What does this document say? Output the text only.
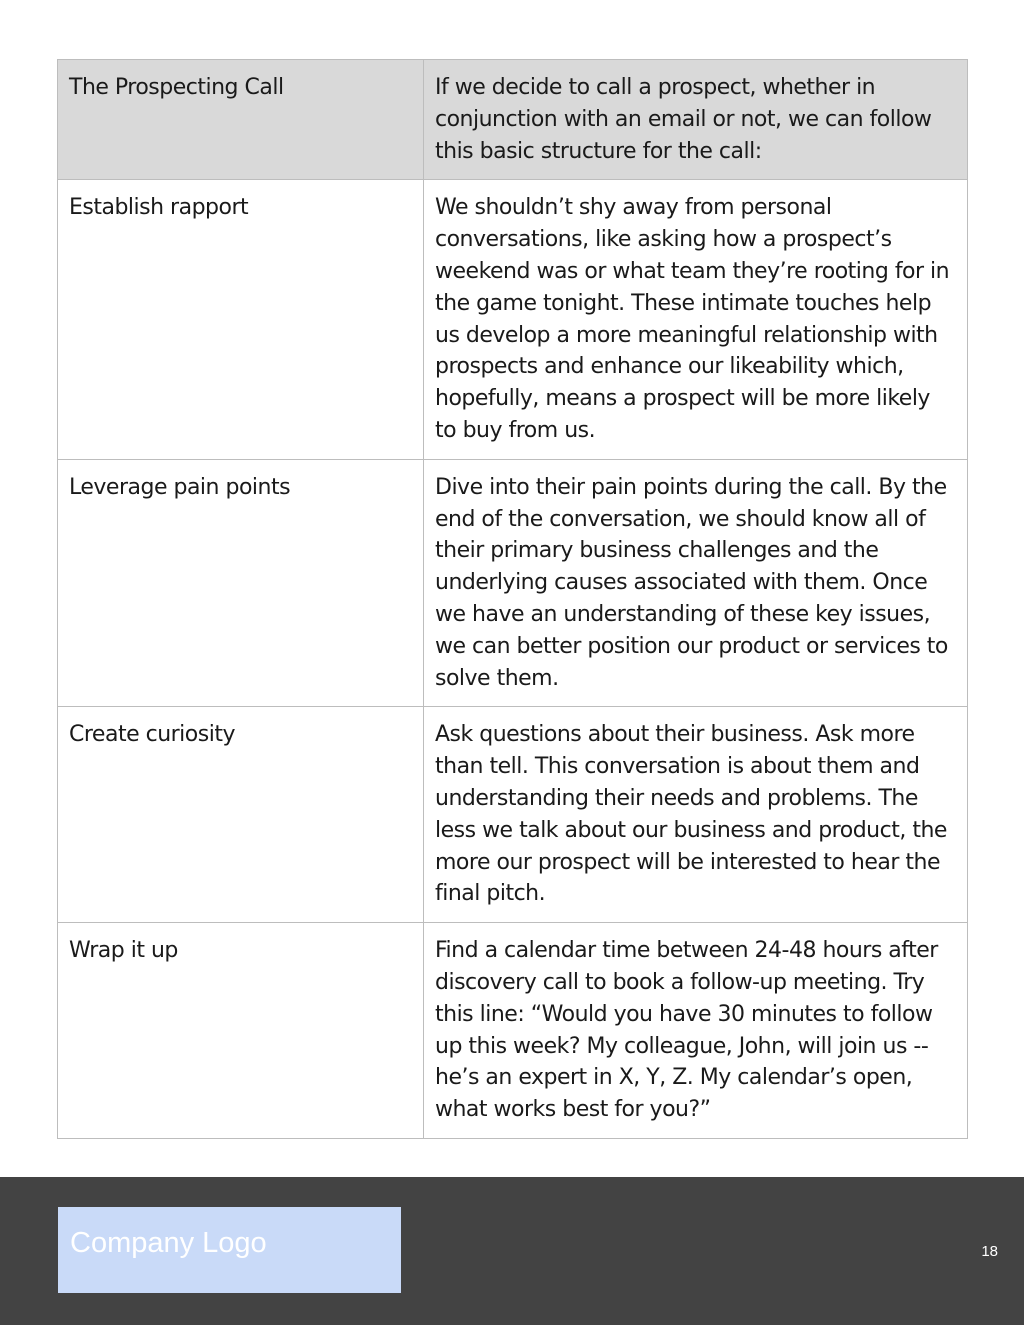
The Prospecting Call	If we decide to call a prospect, whether in conjunction with an email or not, we can follow this basic structure for the call:
Establish rapport	We shouldn’t shy away from personal conversations, like asking how a prospect’s weekend was or what team they’re rooting for in the game tonight. These intimate touches help us develop a more meaningful relationship with prospects and enhance our likeability which, hopefully, means a prospect will be more likely to buy from us.
Leverage pain points	Dive into their pain points during the call. By the end of the conversation, we should know all of their primary business challenges and the underlying causes associated with them. Once we have an understanding of these key issues, we can better position our product or services to solve them.
Create curiosity	Ask questions about their business. Ask more than tell. This conversation is about them and understanding their needs and problems. The less we talk about our business and product, the more our prospect will be interested to hear the final pitch.
Wrap it up	Find a calendar time between 24-48 hours after discovery call to book a follow-up meeting. Try this line: “Would you have 30 minutes to follow up this week? My colleague, John, will join us -- he’s an expert in X, Y, Z. My calendar’s open, what works best for you?”
Company Logo	18
